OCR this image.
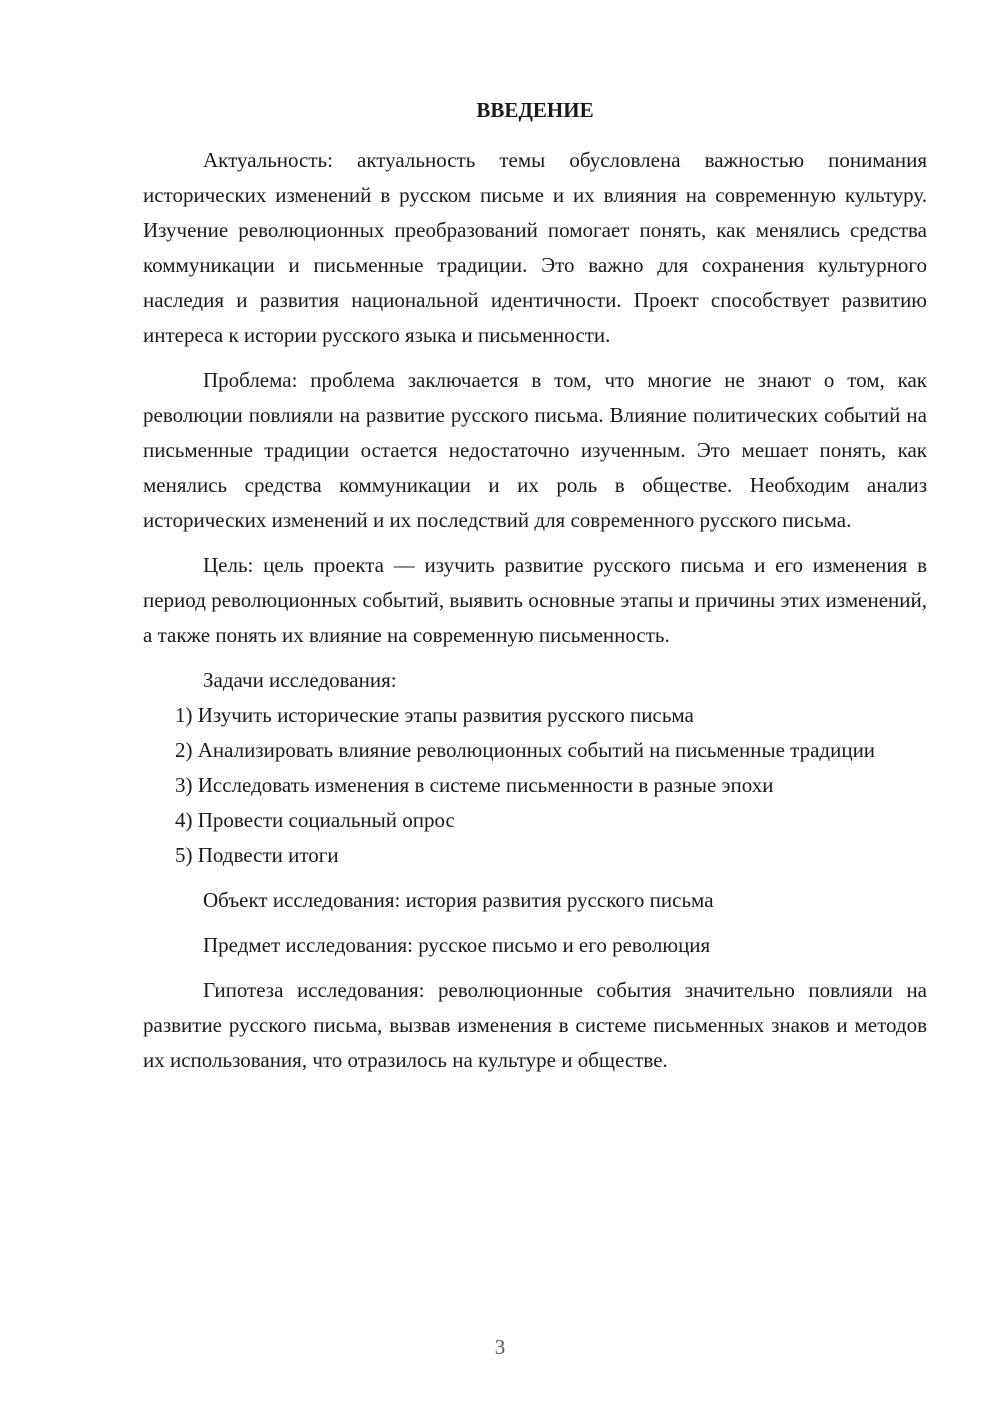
ВВЕДЕНИЕ

Актуальность: актуальность темы обусловлена важностью понимания исторических изменений в русском письме и их влияния на современную культуру. Изучение революционных преобразований помогает понять, как менялись средства коммуникации и письменные традиции. Это важно для сохранения культурного наследия и развития национальной идентичности. Проект способствует развитию интереса к истории русского языка и письменности.

Проблема: проблема заключается в том, что многие не знают о том, как революции повлияли на развитие русского письма. Влияние политических событий на письменные традиции остается недостаточно изученным. Это мешает понять, как менялись средства коммуникации и их роль в обществе. Необходим анализ исторических изменений и их последствий для современного русского письма.

Цель: цель проекта — изучить развитие русского письма и его изменения в период революционных событий, выявить основные этапы и причины этих изменений, а также понять их влияние на современную письменность.

Задачи исследования:

1) Изучить исторические этапы развития русского письма

2) Анализировать влияние революционных событий на письменные традиции

3) Исследовать изменения в системе письменности в разные эпохи

4) Провести социальный опрос

5) Подвести итоги

Объект исследования: история развития русского письма

Предмет исследования: русское письмо и его революция

Гипотеза исследования: революционные события значительно повлияли на развитие русского письма, вызвав изменения в системе письменных знаков и методов их использования, что отразилось на культуре и обществе.

3
